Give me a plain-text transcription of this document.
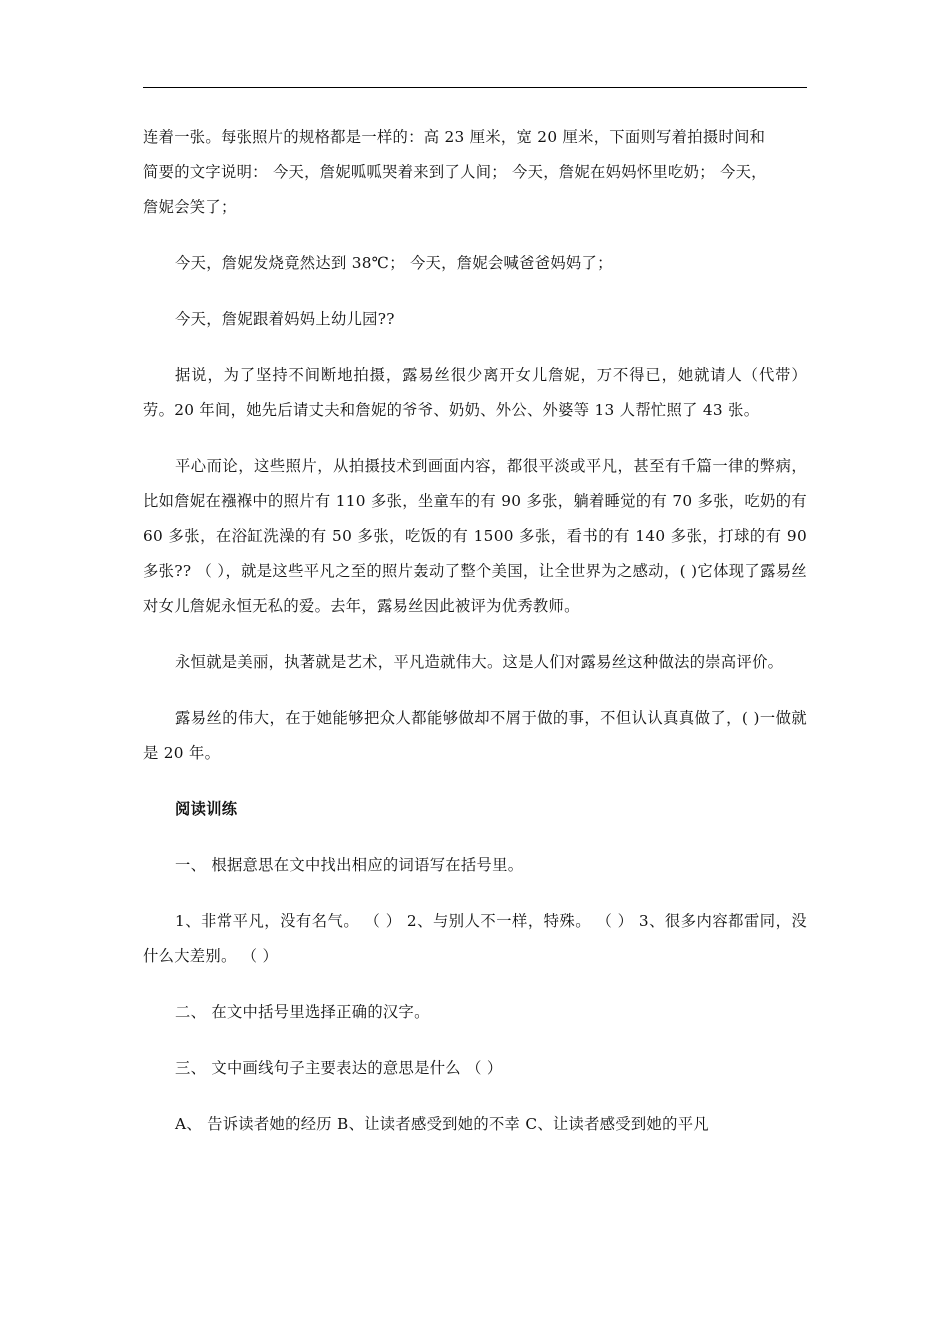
连着一张。每张照片的规格都是一样的：高 23 厘米，宽 20 厘米，下面则写着拍摄时间和
简要的文字说明： 今天，詹妮呱呱哭着来到了人间； 今天，詹妮在妈妈怀里吃奶； 今天，
詹妮会笑了；

今天，詹妮发烧竟然达到 38℃； 今天，詹妮会喊爸爸妈妈了；

今天，詹妮跟着妈妈上幼儿园??

据说，为了坚持不间断地拍摄，露易丝很少离开女儿詹妮，万不得已，她就请人（代带）劳。20 年间，她先后请丈夫和詹妮的爷爷、奶奶、外公、外婆等 13 人帮忙照了 43 张。

平心而论，这些照片，从拍摄技术到画面内容，都很平淡或平凡，甚至有千篇一律的弊病，比如詹妮在襁褓中的照片有 110 多张，坐童车的有 90 多张，躺着睡觉的有 70 多张，吃奶的有 60 多张，在浴缸洗澡的有 50 多张，吃饭的有 1500 多张，看书的有 140 多张，打球的有 90 多张?? （ ），就是这些平凡之至的照片轰动了整个美国，让全世界为之感动，( )它体现了露易丝对女儿詹妮永恒无私的爱。去年，露易丝因此被评为优秀教师。

永恒就是美丽，执著就是艺术，平凡造就伟大。这是人们对露易丝这种做法的崇高评价。

露易丝的伟大，在于她能够把众人都能够做却不屑于做的事，不但认认真真做了，( )一做就是 20 年。

阅读训练

一、 根据意思在文中找出相应的词语写在括号里。

1、非常平凡，没有名气。 （ ） 2、与别人不一样，特殊。 （ ） 3、很多内容都雷同，没什么大差别。 （ ）

二、 在文中括号里选择正确的汉字。

三、 文中画线句子主要表达的意思是什么 （ ）

A、 告诉读者她的经历 B、让读者感受到她的不幸 C、让读者感受到她的平凡
